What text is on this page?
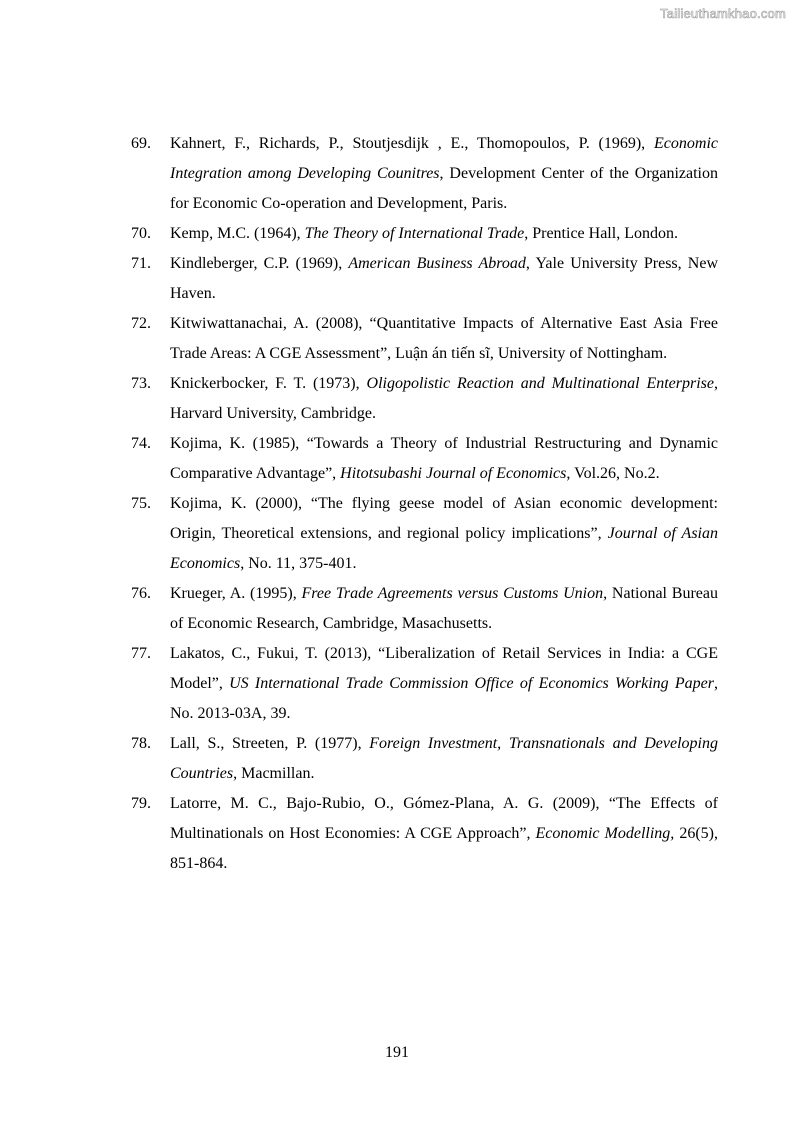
Tailieuthamkhao.com
69. Kahnert, F., Richards, P., Stoutjesdijk , E., Thomopoulos, P. (1969), Economic Integration among Developing Counitres, Development Center of the Organization for Economic Co-operation and Development, Paris.
70. Kemp, M.C. (1964), The Theory of International Trade, Prentice Hall, London.
71. Kindleberger, C.P. (1969), American Business Abroad, Yale University Press, New Haven.
72. Kitwiwattanachai, A. (2008), “Quantitative Impacts of Alternative East Asia Free Trade Areas: A CGE Assessment”, Luận án tiến sĩ, University of Nottingham.
73. Knickerbocker, F. T. (1973), Oligopolistic Reaction and Multinational Enterprise, Harvard University, Cambridge.
74. Kojima, K. (1985), “Towards a Theory of Industrial Restructuring and Dynamic Comparative Advantage”, Hitotsubashi Journal of Economics, Vol.26, No.2.
75. Kojima, K. (2000), “The flying geese model of Asian economic development: Origin, Theoretical extensions, and regional policy implications”, Journal of Asian Economics, No. 11, 375-401.
76. Krueger, A. (1995), Free Trade Agreements versus Customs Union, National Bureau of Economic Research, Cambridge, Masachusetts.
77. Lakatos, C., Fukui, T. (2013), “Liberalization of Retail Services in India: a CGE Model”, US International Trade Commission Office of Economics Working Paper, No. 2013-03A, 39.
78. Lall, S., Streeten, P. (1977), Foreign Investment, Transnationals and Developing Countries, Macmillan.
79. Latorre, M. C., Bajo-Rubio, O., Gómez-Plana, A. G. (2009), “The Effects of Multinationals on Host Economies: A CGE Approach”, Economic Modelling, 26(5), 851-864.
191
